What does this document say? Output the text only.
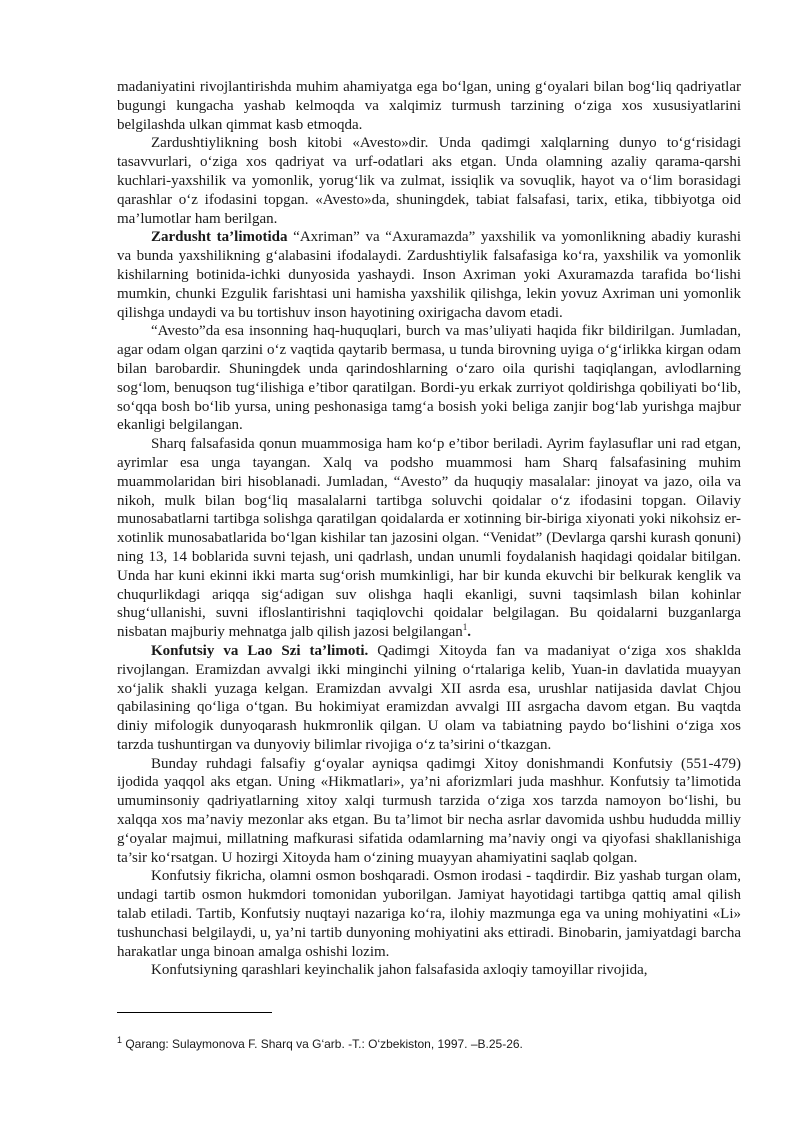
madaniyatini rivojlantirishda muhim ahamiyatga ega bo‘lgan, uning g‘oyalari bilan bog‘liq qadriyatlar bugungi kungacha yashab kelmoqda va xalqimiz turmush tarzining o‘ziga xos xususiyatlarini belgilashda ulkan qimmat kasb etmoqda.

Zardushtiylikning bosh kitobi «Avesto»dir. Unda qadimgi xalqlarning dunyo to‘g‘risidagi tasavvurlari, o‘ziga xos qadriyat va urf-odatlari aks etgan. Unda olamning azaliy qarama-qarshi kuchlari-yaxshilik va yomonlik, yorug‘lik va zulmat, issiqlik va sovuqlik, hayot va o‘lim borasidagi qarashlar o‘z ifodasini topgan. «Avesto»da, shuningdek, tabiat falsafasi, tarix, etika, tibbiyotga oid ma’lumotlar ham berilgan.

Zardusht ta’limotida “Axriman” va “Axuramazda” yaxshilik va yomonlikning abadiy kurashi va bunda yaxshilikning g‘alabasini ifodalaydi. Zardushtiylik falsafasiga ko‘ra, yaxshilik va yomonlik kishilarning botinida-ichki dunyosida yashaydi. Inson Axriman yoki Axuramazda tarafida bo‘lishi mumkin, chunki Ezgulik farishtasi uni hamisha yaxshilik qilishga, lekin yovuz Axriman uni yomonlik qilishga undaydi va bu tortishuv inson hayotining oxirigacha davom etadi.

“Avesto”da esa insonning haq-huquqlari, burch va mas’uliyati haqida fikr bildirilgan. Jumladan, agar odam olgan qarzini o‘z vaqtida qaytarib bermasa, u tunda birovning uyiga o‘g‘irlikka kirgan odam bilan barobardir. Shuningdek unda qarindoshlarning o‘zaro oila qurishi taqiqlangan, avlodlarning sog‘lom, benuqson tug‘ilishiga e’tibor qaratilgan. Bordi-yu erkak zurriyot qoldirishga qobiliyati bo‘lib, so‘qqa bosh bo‘lib yursa, uning peshonasiga tamg‘a bosish yoki beliga zanjir bog‘lab yurishga majbur ekanligi belgilangan.

Sharq falsafasida qonun muammosiga ham ko‘p e’tibor beriladi. Ayrim faylasuflar uni rad etgan, ayrimlar esa unga tayangan. Xalq va podsho muammosi ham Sharq falsafasining muhim muammolaridan biri hisoblanadi. Jumladan, “Avesto” da huquqiy masalalar: jinoyat va jazo, oila va nikoh, mulk bilan bog‘liq masalalarni tartibga soluvchi qoidalar o‘z ifodasini topgan. Oilaviy munosabatlarni tartibga solishga qaratilgan qoidalarda er xotinning bir-biriga xiyonati yoki nikohsiz er-xotinlik munosabatlarida bo‘lgan kishilar tan jazosini olgan. “Venidat” (Devlarga qarshi kurash qonuni) ning 13, 14 boblarida suvni tejash, uni qadrlash, undan unumli foydalanish haqidagi qoidalar bitilgan. Unda har kuni ekinni ikki marta sug‘orish mumkinligi, har bir kunda ekuvchi bir belkurak kenglik va chuqurlikdagi ariqqa sig‘adigan suv olishga haqli ekanligi, suvni taqsimlash bilan kohinlar shug‘ullanishi, suvni ifloslantirishni taqiqlovchi qoidalar belgilagan. Bu qoidalarni buzganlarga nisbatan majburiy mehnatga jalb qilish jazosi belgilangan$^1$.

Konfutsiy va Lao Szi ta’limoti. Qadimgi Xitoyda fan va madaniyat o‘ziga xos shaklda rivojlangan. Eramizdan avvalgi ikki minginchi yilning o‘rtalariga kelib, Yuan-in davlatida muayyan xo‘jalik shakli yuzaga kelgan. Eramizdan avvalgi XII asrda esa, urushlar natijasida davlat Chjou qabilasining qo‘liga o‘tgan. Bu hokimiyat eramizdan avvalgi III asrgacha davom etgan. Bu vaqtda diniy mifologik dunyoqarash hukmronlik qilgan. U olam va tabiatning paydo bo‘lishini o‘ziga xos tarzda tushuntirgan va dunyoviy bilimlar rivojiga o‘z ta’sirini o‘tkazgan.

Bunday ruhdagi falsafiy g‘oyalar ayniqsa qadimgi Xitoy donishmandi Konfutsiy (551-479) ijodida yaqqol aks etgan. Uning «Hikmatlari», ya’ni aforizmlari juda mashhur. Konfutsiy ta’limotida umuminsoniy qadriyatlarning xitoy xalqi turmush tarzida o‘ziga xos tarzda namoyon bo‘lishi, bu xalqqa xos ma’naviy mezonlar aks etgan. Bu ta’limot bir necha asrlar davomida ushbu hududda milliy g‘oyalar majmui, millatning mafkurasi sifatida odamlarning ma’naviy ongi va qiyofasi shakllanishiga ta’sir ko‘rsatgan. U hozirgi Xitoyda ham o‘zining muayyan ahamiyatini saqlab qolgan.

Konfutsiy fikricha, olamni osmon boshqaradi. Osmon irodasi - taqdirdir. Biz yashab turgan olam, undagi tartib osmon hukmdori tomonidan yuborilgan. Jamiyat hayotidagi tartibga qattiq amal qilish talab etiladi. Tartib, Konfutsiy nuqtayi nazariga ko‘ra, ilohiy mazmunga ega va uning mohiyatini «Li» tushunchasi belgilaydi, u, ya’ni tartib dunyoning mohiyatini aks ettiradi. Binobarin, jamiyatdagi barcha harakatlar unga binoan amalga oshishi lozim.

Konfutsiyning qarashlari keyinchalik jahon falsafasida axloqiy tamoyillar rivojida,

$^1$ Qarang: Sulaymonova F. Sharq va G‘arb. -T.: O‘zbekiston, 1997. –B.25-26.
